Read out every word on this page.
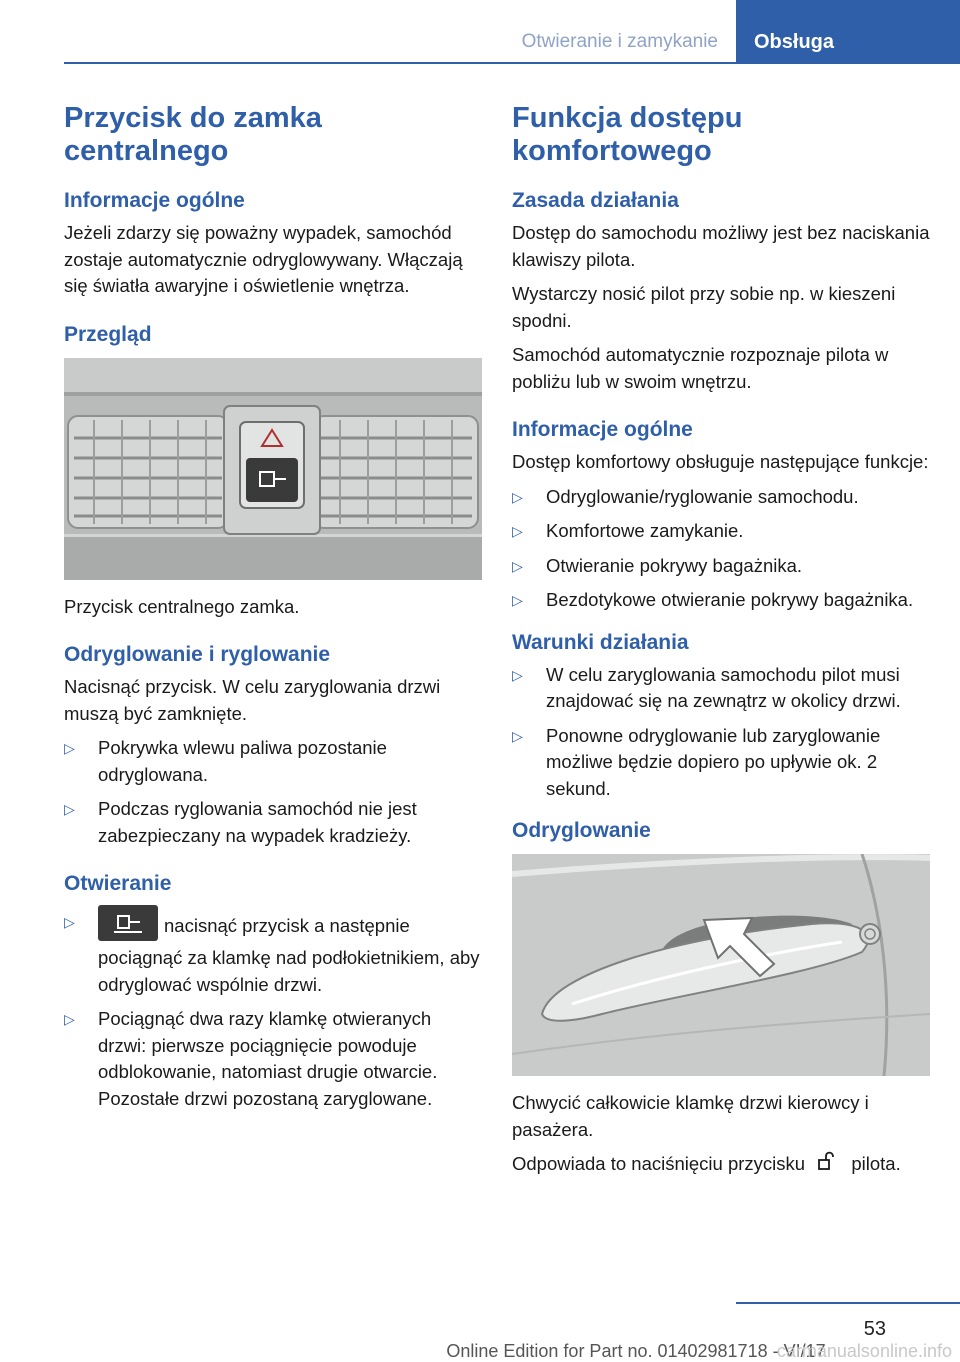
Otwieranie i zamykanie	Obsługa
Przycisk do zamka centralnego
Informacje ogólne
Jeżeli zdarzy się poważny wypadek, samochód zostaje automatycznie odryglowywany. Włączają się światła awaryjne i oświetlenie wnętrza.
Przegląd
Przycisk centralnego zamka.
Odryglowanie i ryglowanie
Nacisnąć przycisk. W celu zaryglowania drzwi muszą być zamknięte.
▷ Pokrywka wlewu paliwa pozostanie odryglowana.
▷ Podczas ryglowania samochód nie jest zabezpieczany na wypadek kradzieży.
Otwieranie
▷	nacisnąć przycisk a następnie pociągnąć za klamkę nad podłokietnikiem, aby odryglować wspólnie drzwi.
▷ Pociągnąć dwa razy klamkę otwieranych drzwi: pierwsze pociągnięcie powoduje odblokowanie, natomiast drugie otwarcie. Pozostałe drzwi pozostaną zaryglowane.
Funkcja dostępu komfortowego
Zasada działania
Dostęp do samochodu możliwy jest bez naciskania klawiszy pilota.
Wystarczy nosić pilot przy sobie np. w kieszeni spodni.
Samochód automatycznie rozpoznaje pilota w pobliżu lub w swoim wnętrzu.
Informacje ogólne
Dostęp komfortowy obsługuje następujące funkcje:
▷ Odryglowanie/ryglowanie samochodu.
▷ Komfortowe zamykanie.
▷ Otwieranie pokrywy bagażnika.
▷ Bezdotykowe otwieranie pokrywy bagażnika.
Warunki działania
▷ W celu zaryglowania samochodu pilot musi znajdować się na zewnątrz w okolicy drzwi.
▷ Ponowne odryglowanie lub zaryglowanie możliwe będzie dopiero po upływie ok. 2 sekund.
Odryglowanie
Chwycić całkowicie klamkę drzwi kierowcy i pasażera.
Odpowiada to naciśnięciu przycisku	pilota.
53
Online Edition for Part no. 01402981718 - VI/17
carmanualsonline.info
